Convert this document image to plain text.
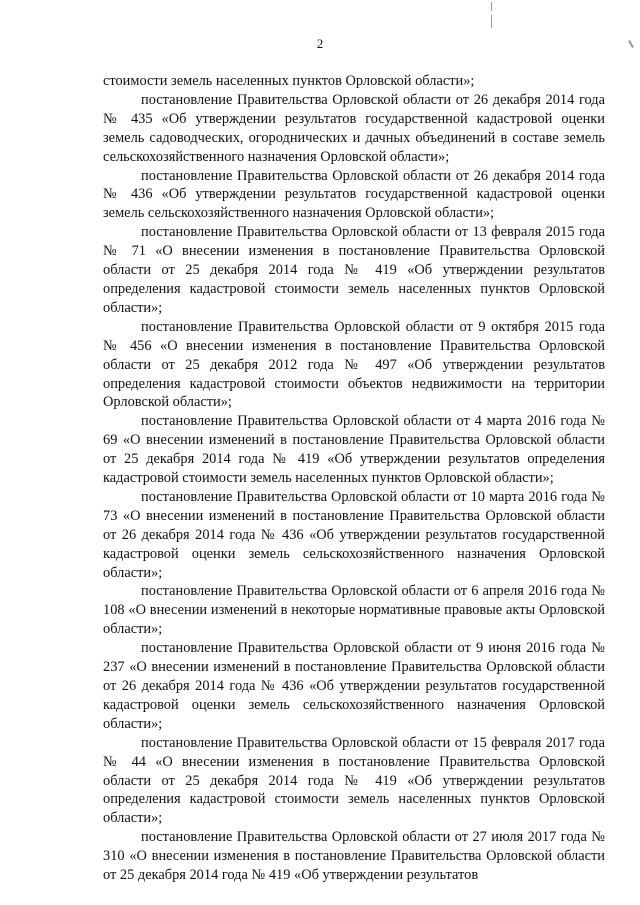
2

стоимости земель населенных пунктов Орловской области»;

постановление Правительства Орловской области от 26 декабря 2014 года № 435 «Об утверждении результатов государственной кадастровой оценки земель садоводческих, огороднических и дачных объединений в составе земель сельскохозяйственного назначения Орловской области»;

постановление Правительства Орловской области от 26 декабря 2014 года № 436 «Об утверждении результатов государственной кадастровой оценки земель сельскохозяйственного назначения Орловской области»;

постановление Правительства Орловской области от 13 февраля 2015 года № 71 «О внесении изменения в постановление Правительства Орловской области от 25 декабря 2014 года № 419 «Об утверждении результатов определения кадастровой стоимости земель населенных пунктов Орловской области»;

постановление Правительства Орловской области от 9 октября 2015 года № 456 «О внесении изменения в постановление Правительства Орловской области от 25 декабря 2012 года № 497 «Об утверждении результатов определения кадастровой стоимости объектов недвижимости на территории Орловской области»;

постановление Правительства Орловской области от 4 марта 2016 года № 69 «О внесении изменений в постановление Правительства Орловской области от 25 декабря 2014 года № 419 «Об утверждении результатов определения кадастровой стоимости земель населенных пунктов Орловской области»;

постановление Правительства Орловской области от 10 марта 2016 года № 73 «О внесении изменений в постановление Правительства Орловской области от 26 декабря 2014 года № 436 «Об утверждении результатов государственной кадастровой оценки земель сельскохозяйственного назначения Орловской области»;

постановление Правительства Орловской области от 6 апреля 2016 года № 108 «О внесении изменений в некоторые нормативные правовые акты Орловской области»;

постановление Правительства Орловской области от 9 июня 2016 года № 237 «О внесении изменений в постановление Правительства Орловской области от 26 декабря 2014 года № 436 «Об утверждении результатов государственной кадастровой оценки земель сельскохозяйственного назначения Орловской области»;

постановление Правительства Орловской области от 15 февраля 2017 года № 44 «О внесении изменения в постановление Правительства Орловской области от 25 декабря 2014 года № 419 «Об утверждении результатов определения кадастровой стоимости земель населенных пунктов Орловской области»;

постановление Правительства Орловской области от 27 июля 2017 года № 310 «О внесении изменения в постановление Правительства Орловской области от 25 декабря 2014 года № 419 «Об утверждении результатов
